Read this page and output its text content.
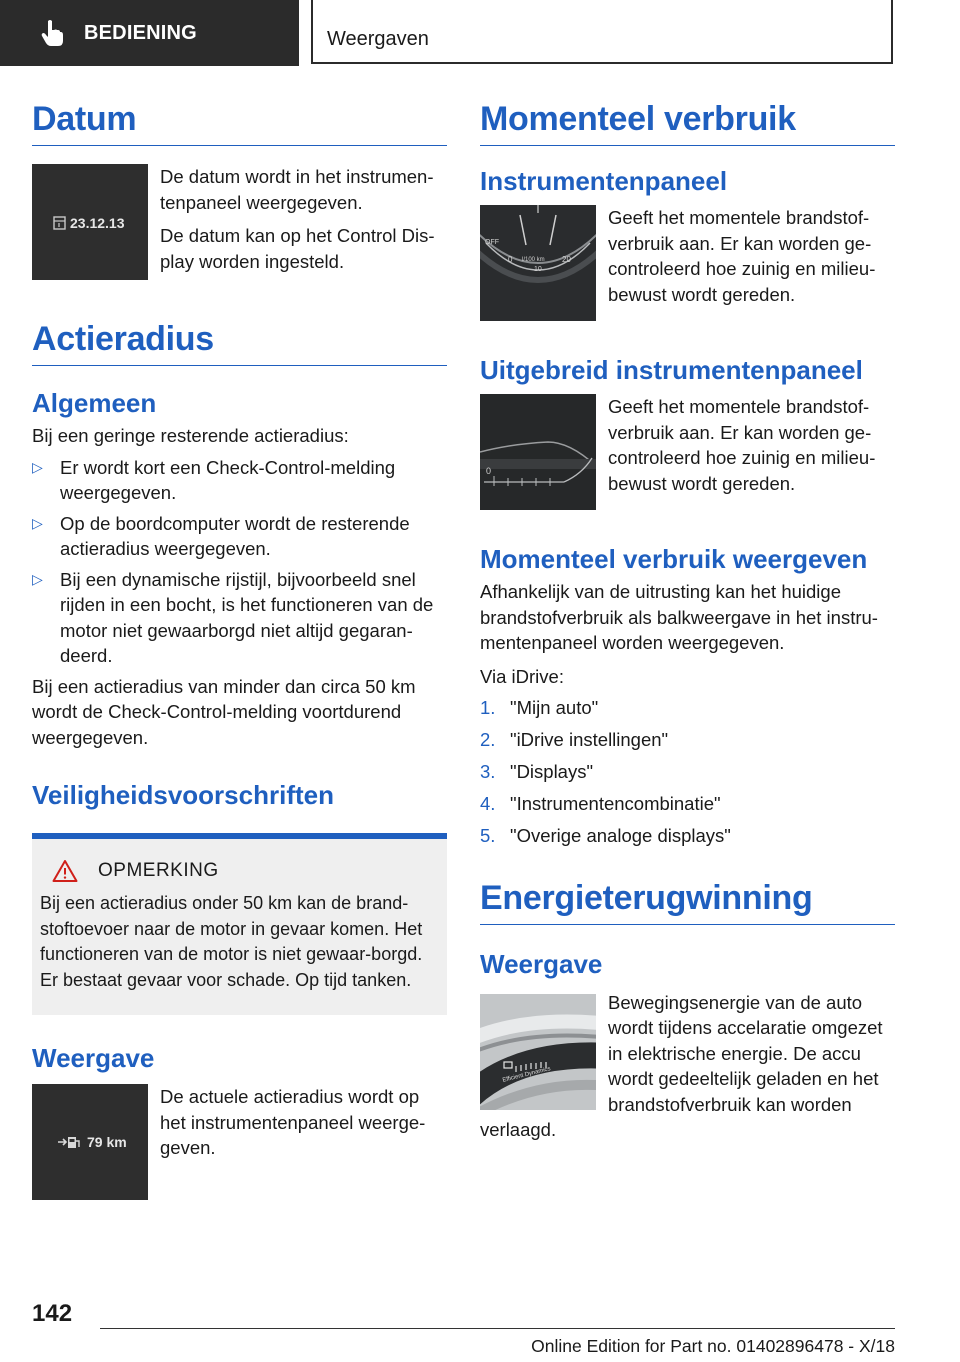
BEDIENING	Weergaven
Datum
23.12.13

De datum wordt in het instrumen-tenpaneel weergegeven.

De datum kan op het Control Dis-play worden ingesteld.

Actieradius
Algemeen

Bij een geringe resterende actieradius:

▷ Er wordt kort een Check-Control-melding weergegeven.
▷ Op de boordcomputer wordt de resterende actieradius weergegeven.
▷ Bij een dynamische rijstijl, bijvoorbeeld snel rijden in een bocht, is het functioneren van de motor niet gewaarborgd niet altijd gegaran-deerd.

Bij een actieradius van minder dan circa 50 km wordt de Check-Control-melding voortdurend weergegeven.

Veiligheidsvoorschriften
OPMERKING

Bij een actieradius onder 50 km kan de brand-stoftoevoer naar de motor in gevaar komen. Het functioneren van de motor is niet gewaar-borgd. Er bestaat gevaar voor schade. Op tijd tanken.

Weergave
79 km

De actuele actieradius wordt op het instrumentenpaneel weerge-geven.

Momenteel verbruik
Instrumentenpaneel
OFF
0 l/100 km
10
20

Geeft het momentele brandstof-verbruik aan. Er kan worden ge-controleerd hoe zuinig en milieu-bewust wordt gereden.

Uitgebreid instrumentenpaneel
0

Geeft het momentele brandstof-verbruik aan. Er kan worden ge-controleerd hoe zuinig en milieu-bewust wordt gereden.

Momenteel verbruik weergeven

Afhankelijk van de uitrusting kan het huidige brandstofverbruik als balkweergave in het instru-mentenpaneel worden weergegeven.

Via iDrive:

1. "Mijn auto"
2. "iDrive instellingen"
3. "Displays"
4. "Instrumentencombinatie"
5. "Overige analoge displays"
Energieterugwinning
Weergave
Efficient Dynamics

Bewegingsenergie van de auto wordt tijdens accelaratie omgezet in elektrische energie. De accu wordt gedeeltelijk geladen en het brandstofverbruik kan worden verlaagd.

142
Online Edition for Part no. 01402896478 - X/18
